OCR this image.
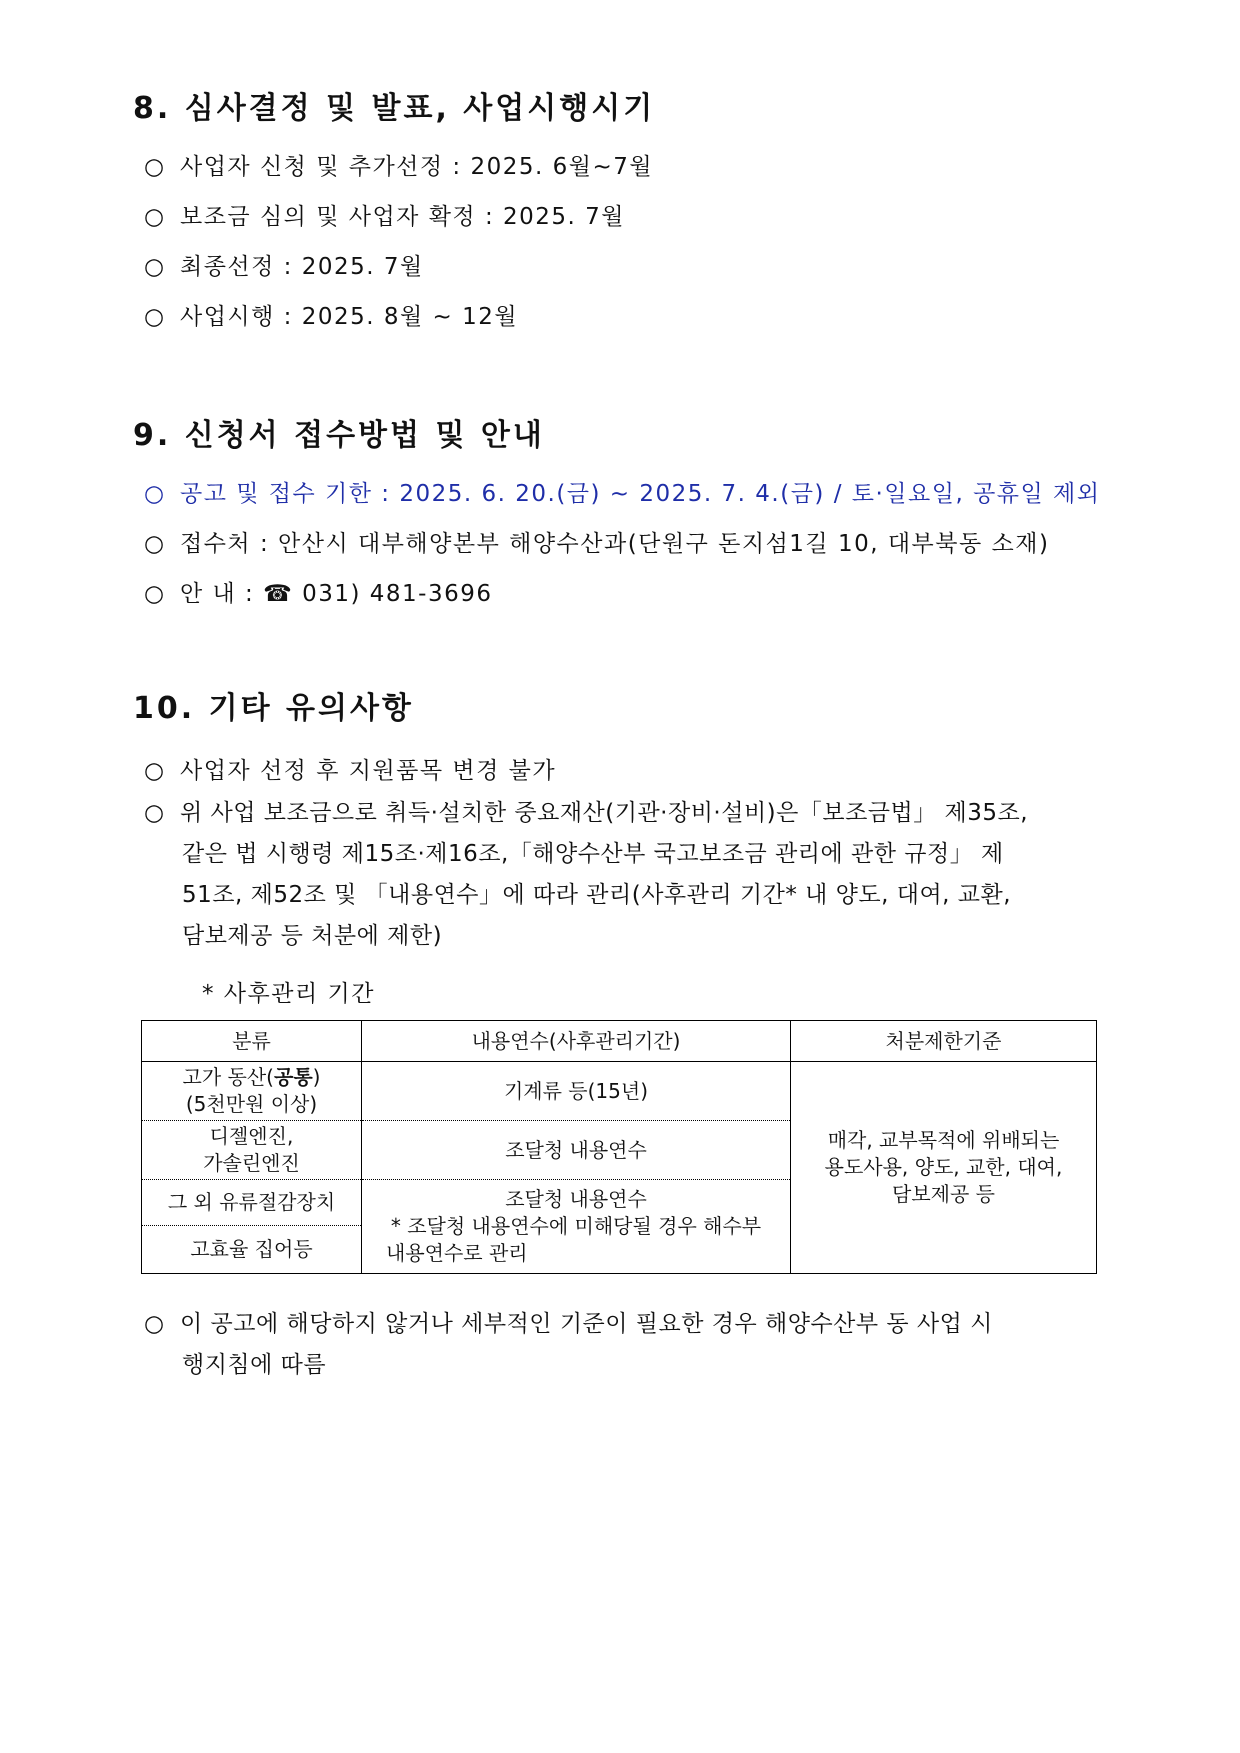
8. 심사결정 및 발표, 사업시행시기
○ 사업자 신청 및 추가선정 : 2025. 6월~7월
○ 보조금 심의 및 사업자 확정 : 2025. 7월
○ 최종선정 : 2025. 7월
○ 사업시행 : 2025. 8월 ~ 12월
9. 신청서 접수방법 및 안내
○ 공고 및 접수 기한 : 2025. 6. 20.(금) ~ 2025. 7. 4.(금) / 토·일요일, 공휴일 제외
○ 접수처 : 안산시 대부해양본부 해양수산과(단원구 돈지섬1길 10, 대부북동 소재)
○ 안 내 : ☎ 031) 481-3696
10. 기타 유의사항
○ 사업자 선정 후 지원품목 변경 불가
○ 위 사업 보조금으로 취득·설치한 중요재산(기관·장비·설비)은「보조금법」 제35조,
같은 법 시행령 제15조·제16조,「해양수산부 국고보조금 관리에 관한 규정」 제
51조, 제52조 및 「내용연수」에 따라 관리(사후관리 기간* 내 양도, 대여, 교환,
담보제공 등 처분에 제한)
* 사후관리 기간
분류	내용연수(사후관리기간)	처분제한기준
고가 동산(공통)
(5천만원 이상)	기계류 등(15년)	매각, 교부목적에 위배되는
용도사용, 양도, 교한, 대여,
담보제공 등
디젤엔진,
가솔린엔진	조달청 내용연수	
그 외 유류절감장치	조달청 내용연수
* 조달청 내용연수에 미해당될 경우 해수부
내용연수로 관리	
고효율 집어등		
○ 이 공고에 해당하지 않거나 세부적인 기준이 필요한 경우 해양수산부 동 사업 시
행지침에 따름
